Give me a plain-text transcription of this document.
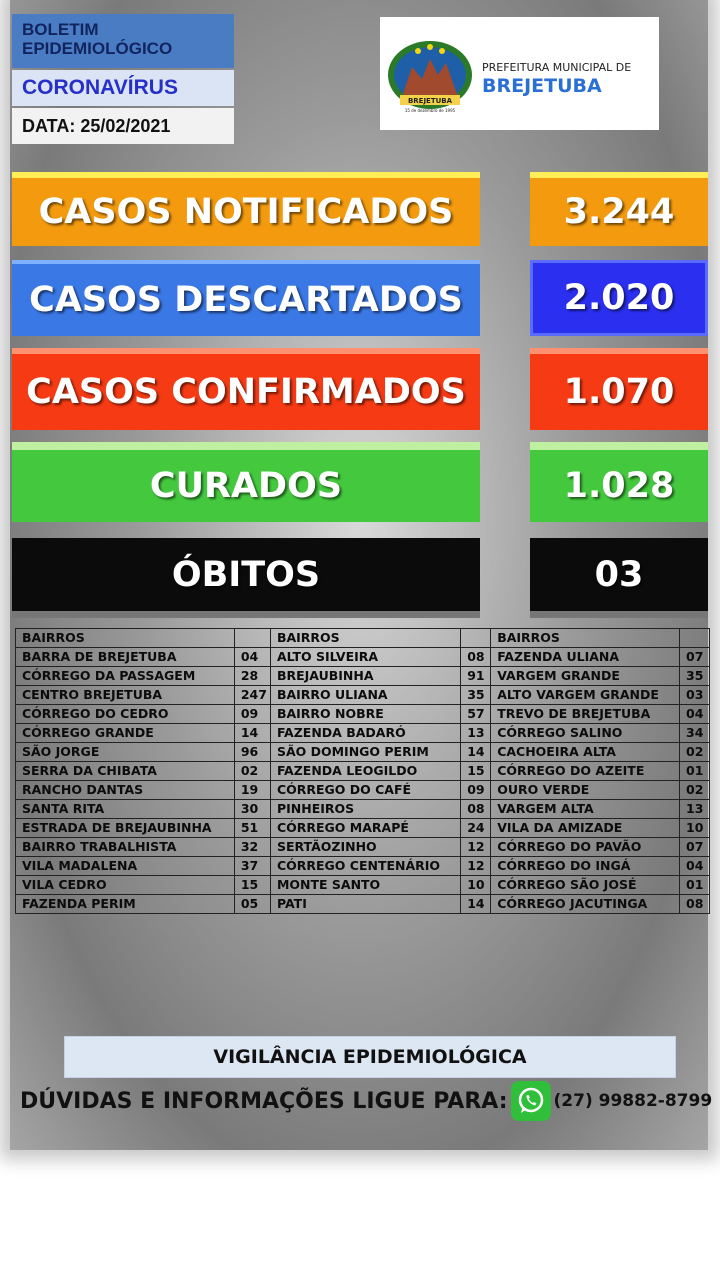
BOLETIM EPIDEMIOLÓGICO
CORONAVÍRUS
DATA: 25/02/2021
BREJETUBA
15 de dezembro de 1995
PREFEITURA MUNICIPAL DE
BREJETUBA
CASOS NOTIFICADOS	3.244
CASOS DESCARTADOS	2.020
CASOS CONFIRMADOS	1.070
CURADOS	1.028
ÓBITOS	03
BAIRROS		BAIRROS		BAIRROS	
BARRA DE BREJETUBA	04	ALTO SILVEIRA	08	FAZENDA ULIANA	07
CÓRREGO DA PASSAGEM	28	BREJAUBINHA	91	VARGEM GRANDE	35
CENTRO BREJETUBA	247	BAIRRO ULIANA	35	ALTO VARGEM GRANDE	03
CÓRREGO DO CEDRO	09	BAIRRO NOBRE	57	TREVO DE BREJETUBA	04
CÓRREGO GRANDE	14	FAZENDA BADARÓ	13	CÓRREGO SALINO	34
SÃO JORGE	96	SÃO DOMINGO PERIM	14	CACHOEIRA ALTA	02
SERRA DA CHIBATA	02	FAZENDA LEOGILDO	15	CÓRREGO DO AZEITE	01
RANCHO DANTAS	19	CÓRREGO DO CAFÉ	09	OURO VERDE	02
SANTA RITA	30	PINHEIROS	08	VARGEM ALTA	13
ESTRADA DE BREJAUBINHA	51	CÓRREGO MARAPÉ	24	VILA DA AMIZADE	10
BAIRRO TRABALHISTA	32	SERTÃOZINHO	12	CÓRREGO DO PAVÃO	07
VILA MADALENA	37	CÓRREGO CENTENÁRIO	12	CÓRREGO DO INGÁ	04
VILA CEDRO	15	MONTE SANTO	10	CÓRREGO SÃO JOSÉ	01
FAZENDA PERIM	05	PATI	14	CÓRREGO JACUTINGA	08
VIGILÂNCIA EPIDEMIOLÓGICA
DÚVIDAS E INFORMAÇÕES LIGUE PARA:	(27) 99882-8799
